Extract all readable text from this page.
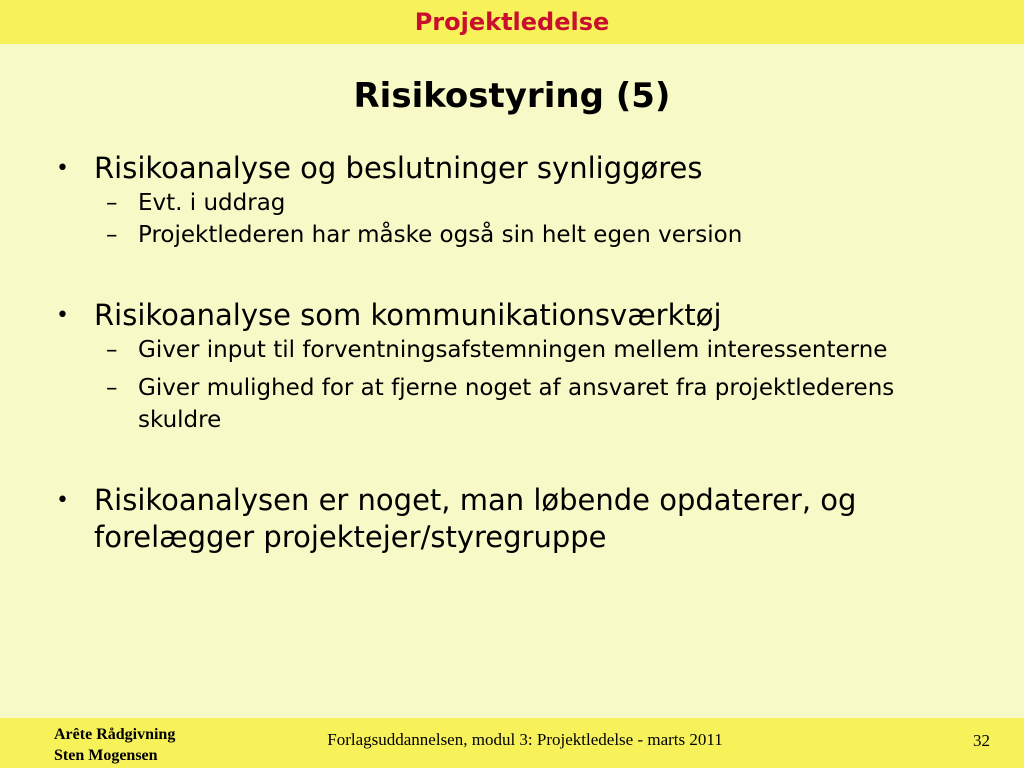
Projektledelse
Risikostyring (5)
• Risikoanalyse og beslutninger synliggøres
– Evt. i uddrag
– Projektlederen har måske også sin helt egen version
• Risikoanalyse som kommunikationsværktøj
– Giver input til forventningsafstemningen mellem interessenterne
– Giver mulighed for at fjerne noget af ansvaret fra projektlederens skuldre
• Risikoanalysen er noget, man løbende opdaterer, og forelægger projektejer/styregruppe
Arête Rådgivning
Sten Mogensen
Forlagsuddannelsen, modul 3: Projektledelse - marts 2011	32
